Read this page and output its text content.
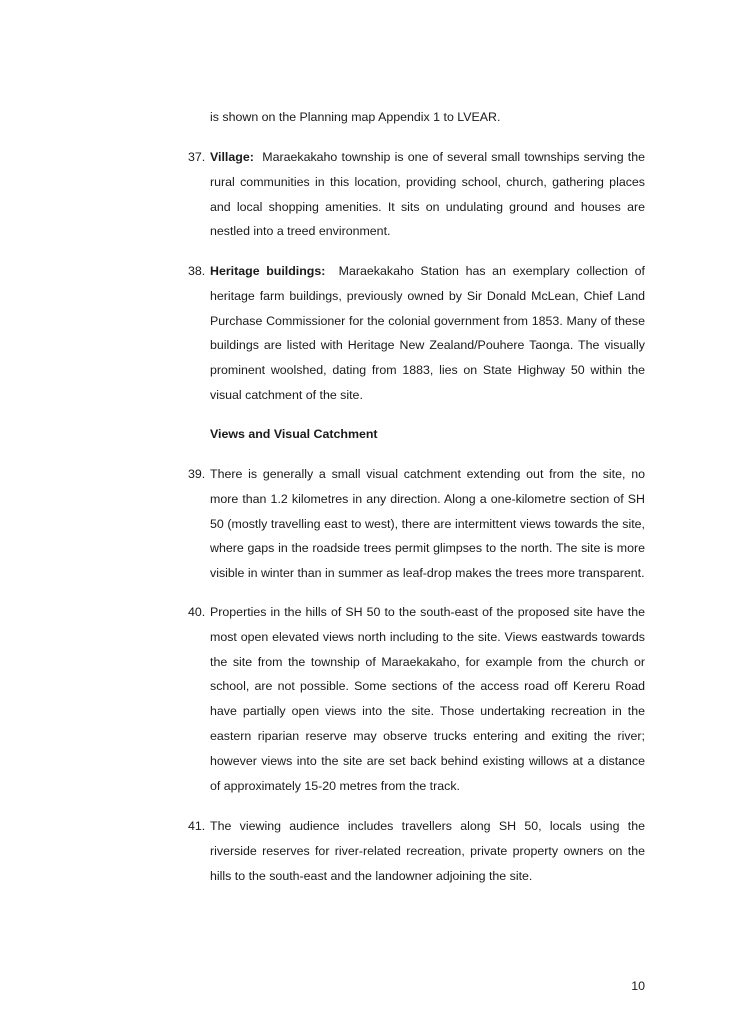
is shown on the Planning map Appendix 1 to LVEAR.
37. Village: Maraekakaho township is one of several small townships serving the rural communities in this location, providing school, church, gathering places and local shopping amenities. It sits on undulating ground and houses are nestled into a treed environment.
38. Heritage buildings: Maraekakaho Station has an exemplary collection of heritage farm buildings, previously owned by Sir Donald McLean, Chief Land Purchase Commissioner for the colonial government from 1853. Many of these buildings are listed with Heritage New Zealand/Pouhere Taonga. The visually prominent woolshed, dating from 1883, lies on State Highway 50 within the visual catchment of the site.
Views and Visual Catchment
39. There is generally a small visual catchment extending out from the site, no more than 1.2 kilometres in any direction. Along a one-kilometre section of SH 50 (mostly travelling east to west), there are intermittent views towards the site, where gaps in the roadside trees permit glimpses to the north. The site is more visible in winter than in summer as leaf-drop makes the trees more transparent.
40. Properties in the hills of SH 50 to the south-east of the proposed site have the most open elevated views north including to the site. Views eastwards towards the site from the township of Maraekakaho, for example from the church or school, are not possible. Some sections of the access road off Kereru Road have partially open views into the site. Those undertaking recreation in the eastern riparian reserve may observe trucks entering and exiting the river; however views into the site are set back behind existing willows at a distance of approximately 15-20 metres from the track.
41. The viewing audience includes travellers along SH 50, locals using the riverside reserves for river-related recreation, private property owners on the hills to the south-east and the landowner adjoining the site.
10
